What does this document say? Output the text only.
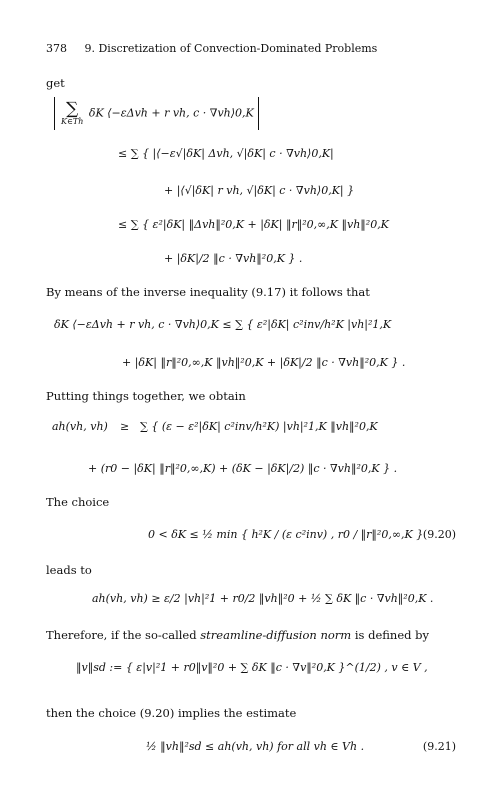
378 9. Discretization of Convection-Dominated Problems
get
∑
K∈Th
δK ⟨−εΔvh + r vh, c · ∇vh⟩0,K
≤ ∑ { |⟨−ε√|δK| Δvh, √|δK| c · ∇vh⟩0,K|
+ |⟨√|δK| r vh, √|δK| c · ∇vh⟩0,K| }
≤ ∑ { ε²|δK| ‖Δvh‖²0,K + |δK| ‖r‖²0,∞,K ‖vh‖²0,K
+ |δK|/2 ‖c · ∇vh‖²0,K } .
By means of the inverse inequality (9.17) it follows that
δK ⟨−εΔvh + r vh, c · ∇vh⟩0,K ≤ ∑ { ε²|δK| c²inv/h²K |vh|²1,K
+ |δK| ‖r‖²0,∞,K ‖vh‖²0,K + |δK|/2 ‖c · ∇vh‖²0,K } .
Putting things together, we obtain
ah(vh, vh) ≥ ∑ { (ε − ε²|δK| c²inv/h²K) |vh|²1,K ‖vh‖²0,K
+ (r0 − |δK| ‖r‖²0,∞,K) + (δK − |δK|/2) ‖c · ∇vh‖²0,K } .
The choice
0 < δK ≤ ½ min { h²K / (ε c²inv) , r0 / ‖r‖²0,∞,K } (9.20)
leads to
ah(vh, vh) ≥ ε/2 |vh|²1 + r0/2 ‖vh‖²0 + ½ ∑ δK ‖c · ∇vh‖²0,K .
Therefore, if the so-called streamline-diffusion norm is defined by
‖v‖sd := { ε|v|²1 + r0‖v‖²0 + ∑ δK ‖c · ∇v‖²0,K }^(1/2) , v ∈ V ,
then the choice (9.20) implies the estimate
½ ‖vh‖²sd ≤ ah(vh, vh) for all vh ∈ Vh .	(9.21)
